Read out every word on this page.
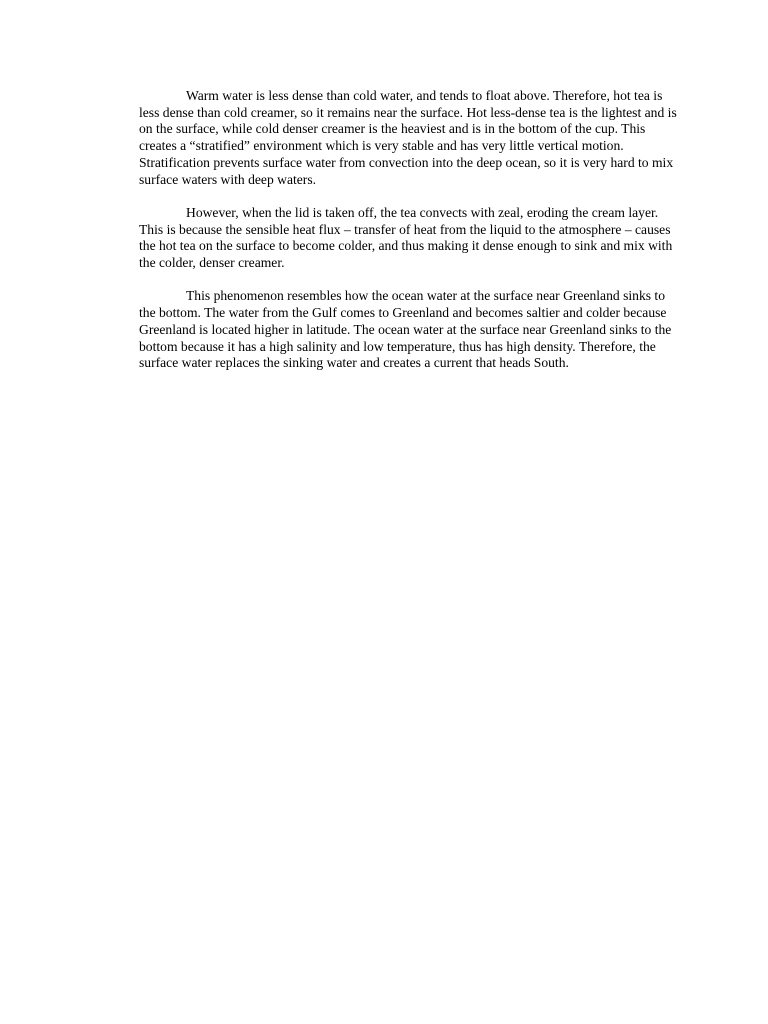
Warm water is less dense than cold water, and tends to float above. Therefore, hot tea is less dense than cold creamer, so it remains near the surface. Hot less-dense tea is the lightest and is on the surface, while cold denser creamer is the heaviest and is in the bottom of the cup. This creates a “stratified” environment which is very stable and has very little vertical motion. Stratification prevents surface water from convection into the deep ocean, so it is very hard to mix surface waters with deep waters.

However, when the lid is taken off, the tea convects with zeal, eroding the cream layer. This is because the sensible heat flux – transfer of heat from the liquid to the atmosphere – causes the hot tea on the surface to become colder, and thus making it dense enough to sink and mix with the colder, denser creamer.

This phenomenon resembles how the ocean water at the surface near Greenland sinks to the bottom. The water from the Gulf comes to Greenland and becomes saltier and colder because Greenland is located higher in latitude. The ocean water at the surface near Greenland sinks to the bottom because it has a high salinity and low temperature, thus has high density. Therefore, the surface water replaces the sinking water and creates a current that heads South.
